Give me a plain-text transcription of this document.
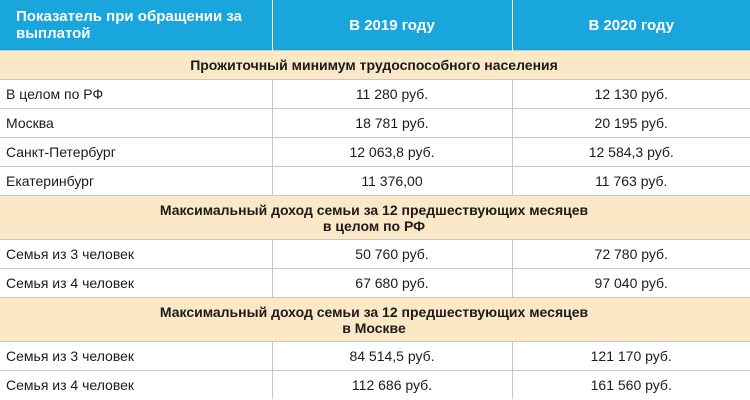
Показатель при обращении за выплатой	В 2019 году	В 2020 году
Прожиточный минимум трудоспособного населения		
В целом по РФ	11 280 руб.	12 130 руб.
Москва	18 781 руб.	20 195 руб.
Санкт-Петербург	12 063,8 руб.	12 584,3 руб.
Екатеринбург	11 376,00	11 763 руб.
Максимальный доход семьи за 12 предшествующих месяцев
в целом по РФ		
Семья из 3 человек	50 760 руб.	72 780 руб.
Семья из 4 человек	67 680 руб.	97 040 руб.
Максимальный доход семьи за 12 предшествующих месяцев
в Москве		
Семья из 3 человек	84 514,5 руб.	121 170 руб.
Семья из 4 человек	112 686 руб.	161 560 руб.
